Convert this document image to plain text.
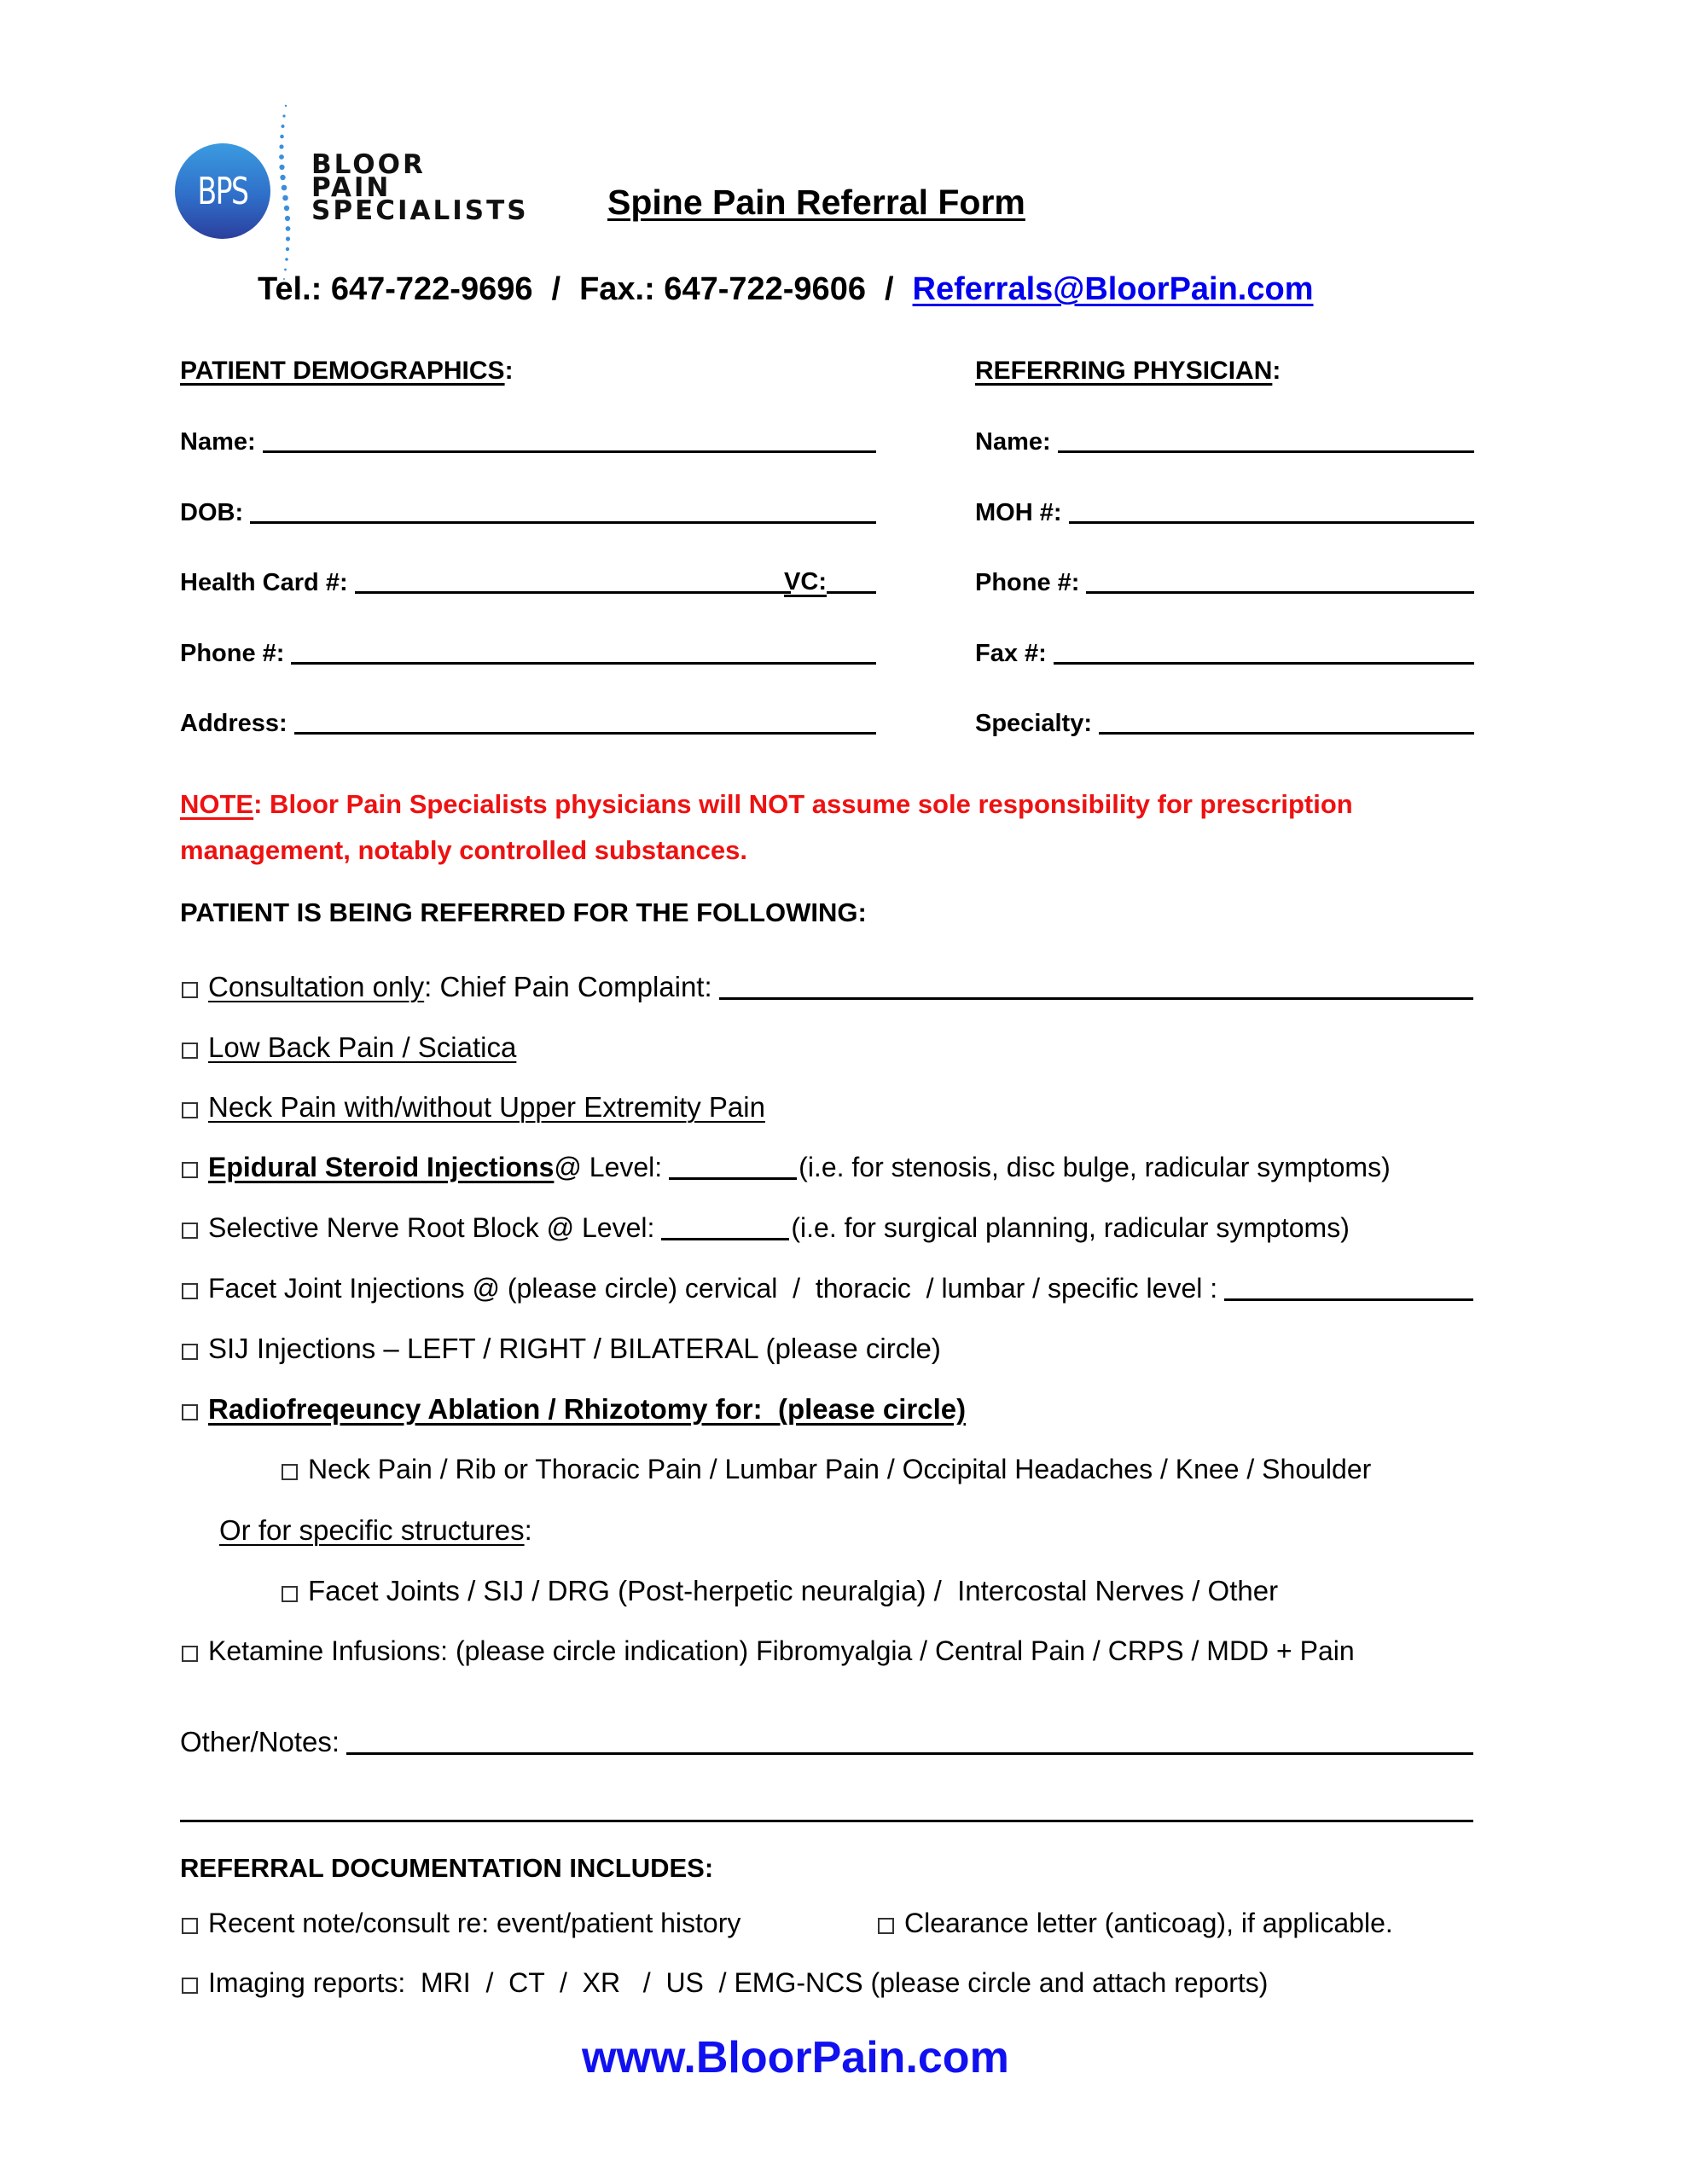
BPS
BLOOR
PAIN
SPECIALISTS Spine Pain Referral Form
Tel.: 647-722-9696 / Fax.: 647-722-9606 / Referrals@BloorPain.com
PATIENT DEMOGRAPHICS:
Name:
DOB:
Health Card #:	VC:
Phone #:
Address:
REFERRING PHYSICIAN:
Name:
MOH #:
Phone #:
Fax #:
Specialty:
NOTE: Bloor Pain Specialists physicians will NOT assume sole responsibility for prescription
management, notably controlled substances.
PATIENT IS BEING REFERRED FOR THE FOLLOWING:
Consultation only : Chief Pain Complaint:
Low Back Pain / Sciatica
Neck Pain with/without Upper Extremity Pain
Epidural Steroid Injections @ Level:	(i.e. for stenosis, disc bulge, radicular symptoms)
Selective Nerve Root Block @ Level:	(i.e. for surgical planning, radicular symptoms)
Facet Joint Injections @ (please circle) cervical  /  thoracic  / lumbar / specific level :
SIJ Injections – LEFT / RIGHT / BILATERAL (please circle)
Radiofreqeuncy Ablation / Rhizotomy for:  (please circle)
Neck Pain / Rib or Thoracic Pain / Lumbar Pain / Occipital Headaches / Knee / Shoulder
Or for specific structures :
Facet Joints / SIJ / DRG (Post-herpetic neuralgia) /  Intercostal Nerves / Other
Ketamine Infusions: (please circle indication) Fibromyalgia / Central Pain / CRPS / MDD + Pain
Other/Notes:
REFERRAL DOCUMENTATION INCLUDES:
Recent note/consult re: event/patient history	Clearance letter (anticoag), if applicable.
Imaging reports:  MRI  /  CT  /  XR   /  US  / EMG-NCS (please circle and attach reports)
www.BloorPain.com
